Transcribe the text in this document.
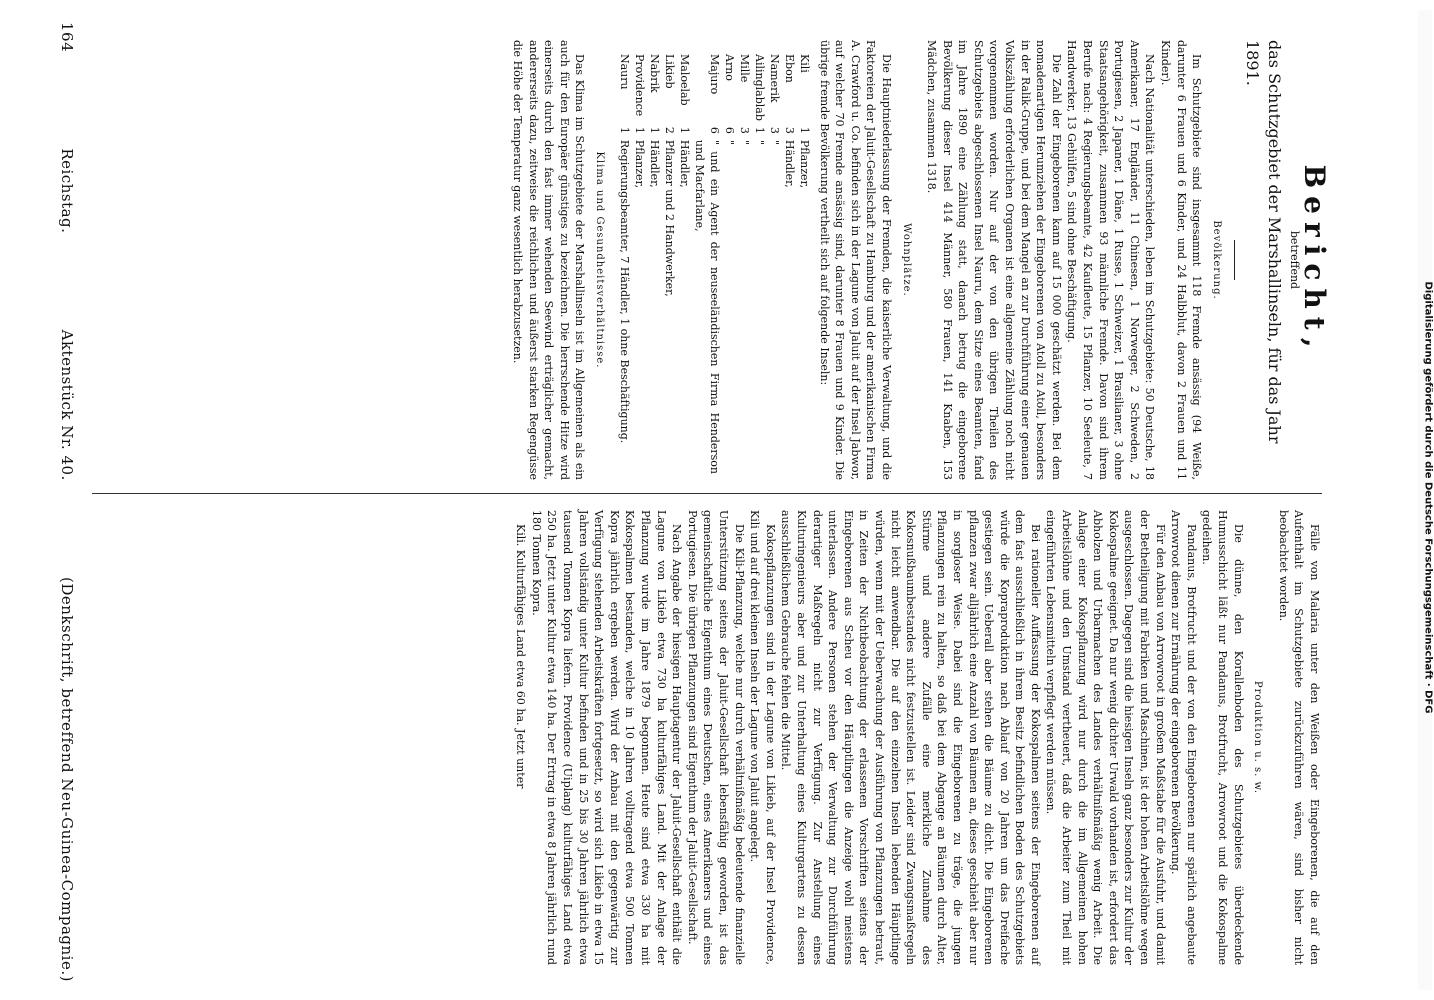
164
Reichstag.
Aktenstück Nr. 40.
(Denkschrift, betreffend Neu-Guinea-Compagnie.)
Bericht,
betreffend
das Schutzgebiet der Marshallinseln, für das Jahr 1891.
Bevölkerung.

Im Schutzgebiete sind insgesammt 118 Fremde ansässig (94 Weiße, darunter 6 Frauen und 6 Kinder, und 24 Halbblut, davon 2 Frauen und 11 Kinder).

Nach Nationalität unterschieden, leben im Schutzgebiete: 50 Deutsche, 18 Amerikaner, 17 Engländer, 11 Chinesen, 1 Norweger, 2 Schweden, 2 Portugiesen, 2 Japaner, 1 Däne, 1 Russe, 1 Schweizer, 1 Brasilianer, 3 ohne Staatsangehörigkeit, zusammen 93 männliche Fremde. Davon sind ihrem Berufe nach: 4 Regierungsbeamte, 42 Kaufleute, 15 Pflanzer, 10 Seeleute, 7 Handwerker, 13 Gehülfen, 5 sind ohne Beschäftigung.

Die Zahl der Eingeborenen kann auf 15 000 geschätzt werden. Bei dem nomadenartigen Herumziehen der Eingeborenen von Atoll zu Atoll, besonders in der Ralik-Gruppe, und bei dem Mangel an zur Durchführung einer genauen Volkszählung erforderlichen Organen ist eine allgemeine Zählung noch nicht vorgenommen worden. Nur auf der von den übrigen Theilen des Schutzgebiets abgeschlossenen Insel Nauru, dem Sitze eines Beamten, fand im Jahre 1890 eine Zählung statt, danach betrug die eingeborene Bevölkerung dieser Insel 414 Männer, 580 Frauen, 141 Knaben, 153 Mädchen, zusammen 1318.

Wohnplätze.

Die Hauptniederlassung der Fremden, die kaiserliche Verwaltung, und die Faktoreien der Jaluit-Gesellschaft zu Hamburg und der amerikanischen Firma A. Crawford u. Co. befinden sich in der Lagune von Jaluit auf der Insel Jabwor, auf welcher 70 Fremde ansässig sind, darunter 8 Frauen und 9 Kinder. Die übrige fremde Bevölkerung vertheilt sich auf folgende Inseln:

Kili	1	Pflanzer,
Ebon	3	Händler,
Namerik	3	"
Ailinglablab	1	"
Mille	3	"
Arno	6	"
Majuro	6	" und ein Agent der neuseeländischen Firma Henderson und Macfarlane,
Maloelab	1	Händler,
Likieb	2	Pflanzer und 2 Handwerker,
Nabrik	1	Händler,
Providence	1	Pflanzer,
Nauru	1	Regierungsbeamter, 7 Händler, 1 ohne Beschäftigung.
Klima und Gesundheitsverhältnisse.

Das Klima im Schutzgebiete der Marshallinseln ist im Allgemeinen als ein auch für den Europäer günstiges zu bezeichnen. Die herrschende Hitze wird einerseits durch den fast immer wehenden Seewind erträglicher gemacht, andererseits dazu, zeitweise die reichlichen und äußerst starken Regengüsse die Höhe der Temperatur ganz wesentlich herabzusetzen.

Fälle von Malaria unter den Weißen oder Eingeborenen, die auf den Aufenthalt im Schutzgebiete zurückzuführen wären, sind bisher nicht beobachtet worden.

Produktion u. s. w.

Die dünne, den Korallenboden des Schutzgebietes überdeckende Humusschicht läßt nur Pandanus, Brotfrucht, Arrowroot und die Kokospalme gedeihen.

Pandanus, Brotfrucht und der von den Eingeborenen nur spärlich angebaute Arrowroot dienen zur Ernährung der eingeborenen Bevölkerung.

Für den Anbau von Arrowroot in großem Maßstabe für die Ausfuhr, und damit der Betheiligung mit Fabriken und Maschinen, ist der hohen Arbeitslöhne wegen ausgeschlossen. Dagegen sind die hiesigen Inseln ganz besonders zur Kultur der Kokospalme geeignet. Da nur wenig dichter Urwald vorhanden ist, erfordert das Abholzen und Urbarmachen des Landes verhältnißmäßig wenig Arbeit. Die Anlage einer Kokospflanzung wird nur durch die im Allgemeinen hohen Arbeitslöhne und den Umstand vertheuert, daß die Arbeiter zum Theil mit eingeführten Lebensmitteln verpflegt werden müssen.

Bei rationeller Auffassung der Kokospalmen seitens der Eingeborenen auf dem fast ausschließlich in ihrem Besitz befindlichen Boden des Schutzgebiets würde die Kopraproduktion nach Ablauf von 20 Jahren um das Dreifache gestiegen sein. Ueberall aber stehen die Bäume zu dicht. Die Eingeborenen pflanzen zwar alljährlich eine Anzahl von Bäumen an, dieses geschieht aber nur in sorgloser Weise. Dabei sind die Eingeborenen zu träge, die jungen Pflanzungen rein zu halten, so daß bei dem Abgange an Bäumen durch Alter, Stürme und andere Zufälle eine merkliche Zunahme des Kokosnußbaumbestandes nicht festzustellen ist. Leider sind Zwangsmaßregeln nicht leicht anwendbar. Die auf den einzelnen Inseln lebenden Häuptlinge würden, wenn mit der Ueberwachung der Ausführung von Pflanzungen betraut, in Zeiten der Nichtbeobachtung der erlassenen Vorschriften seitens der Eingeborenen aus Scheu vor den Häuptlingen die Anzeige wohl meistens unterlassen. Andere Personen stehen der Verwaltung zur Durchführung derartiger Maßregeln nicht zur Verfügung. Zur Anstellung eines Kulturingenieurs aber und zur Unterhaltung eines Kulturgartens zu dessen ausschließlichem Gebrauche fehlen die Mittel.

Kokospflanzungen sind in der Lagune von Likieb, auf der Insel Providence, Kili und auf drei kleinen Inseln der Lagune von Jaluit angelegt.

Die Kili-Pflanzung, welche nur durch verhältnißmäßig bedeutende finanzielle Unterstützung seitens der Jaluit-Gesellschaft lebensfähig geworden, ist das gemeinschaftliche Eigenthum eines Deutschen, eines Amerikaners und eines Portugiesen. Die übrigen Pflanzungen sind Eigenthum der Jaluit-Gesellschaft.

Nach Angabe der hiesigen Hauptagentur der Jaluit-Gesellschaft enthält die Lagune von Likieb etwa 730 ha kulturfähiges Land. Mit der Anlage der Pflanzung wurde im Jahre 1879 begonnen. Heute sind etwa 330 ha mit Kokospalmen bestanden, welche in 10 Jahren volltragend etwa 500 Tonnen Kopra jährlich ergeben werden. Wird der Anbau mit den gegenwärtig zur Verfügung stehenden Arbeitskräften fortgesetzt, so wird sich Likieb in etwa 15 Jahren vollständig unter Kultur befinden und in 25 bis 30 Jahren jährlich etwa tausend Tonnen Kopra liefern. Providence (Uiplang) kulturfähiges Land etwa 250 ha. Jetzt unter Kultur etwa 140 ha. Der Ertrag in etwa 8 Jahren jährlich rund 180 Tonnen Kopra.

Kili. Kulturfähiges Land etwa 60 ha. Jetzt unter	Digitalisierung gefördert durch die Deutsche Forschungsgemeinschaft · DFG
